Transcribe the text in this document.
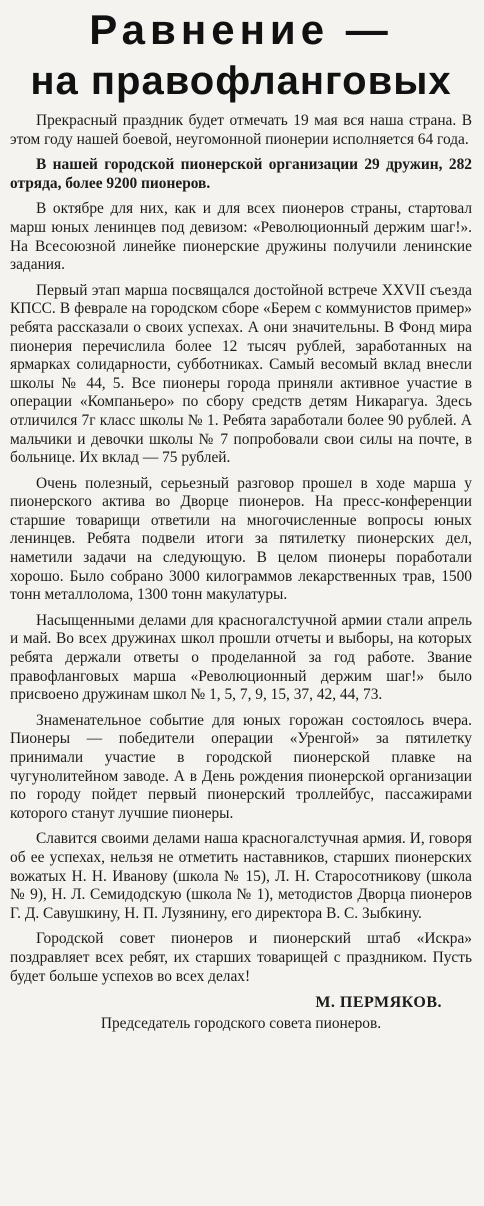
Равнение —
на правофланговых

Прекрасный праздник будет отмечать 19 мая вся наша страна. В этом году нашей боевой, неугомонной пионерии исполняется 64 года.

В нашей городской пионерской организации 29 дружин, 282 отряда, более 9200 пионеров.

В октябре для них, как и для всех пионеров страны, стартовал марш юных ленинцев под девизом: «Революционный держим шаг!». На Всесоюзной линейке пионерские дружины получили ленинские задания.

Первый этап марша посвящался достойной встрече XXVII съезда КПСС. В феврале на городском сборе «Берем с коммунистов пример» ребята рассказали о своих успехах. А они значительны. В Фонд мира пионерия перечислила более 12 тысяч рублей, заработанных на ярмарках солидарности, субботниках. Самый весомый вклад внесли школы № 44, 5. Все пионеры города приняли активное участие в операции «Компаньеро» по сбору средств детям Никарагуа. Здесь отличился 7г класс школы № 1. Ребята заработали более 90 рублей. А мальчики и девочки школы № 7 попробовали свои силы на почте, в больнице. Их вклад — 75 рублей.

Очень полезный, серьезный разговор прошел в ходе марша у пионерского актива во Дворце пионеров. На пресс-конференции старшие товарищи ответили на многочисленные вопросы юных ленинцев. Ребята подвели итоги за пятилетку пионерских дел, наметили задачи на следующую. В целом пионеры поработали хорошо. Было собрано 3000 килограммов лекарственных трав, 1500 тонн металлолома, 1300 тонн макулатуры.

Насыщенными делами для красногалстучной армии стали апрель и май. Во всех дружинах школ прошли отчеты и выборы, на которых ребята держали ответы о проделанной за год работе. Звание правофланговых марша «Революционный держим шаг!» было присвоено дружинам школ № 1, 5, 7, 9, 15, 37, 42, 44, 73.

Знаменательное событие для юных горожан состоялось вчера. Пионеры — победители операции «Уренгой» за пятилетку принимали участие в городской пионерской плавке на чугунолитейном заводе. А в День рождения пионерской организации по городу пойдет первый пионерский троллейбус, пассажирами которого станут лучшие пионеры.

Славится своими делами наша красногалстучная армия. И, говоря об ее успехах, нельзя не отметить наставников, старших пионерских вожатых Н. Н. Иванову (школа № 15), Л. Н. Старосотникову (школа № 9), Н. Л. Семидодскую (школа № 1), методистов Дворца пионеров Г. Д. Савушкину, Н. П. Лузянину, его директора В. С. Зыбкину.

Городской совет пионеров и пионерский штаб «Искра» поздравляет всех ребят, их старших товарищей с праздником. Пусть будет больше успехов во всех делах!

М. ПЕРМЯКОВ.
Председатель городского совета пионеров.
